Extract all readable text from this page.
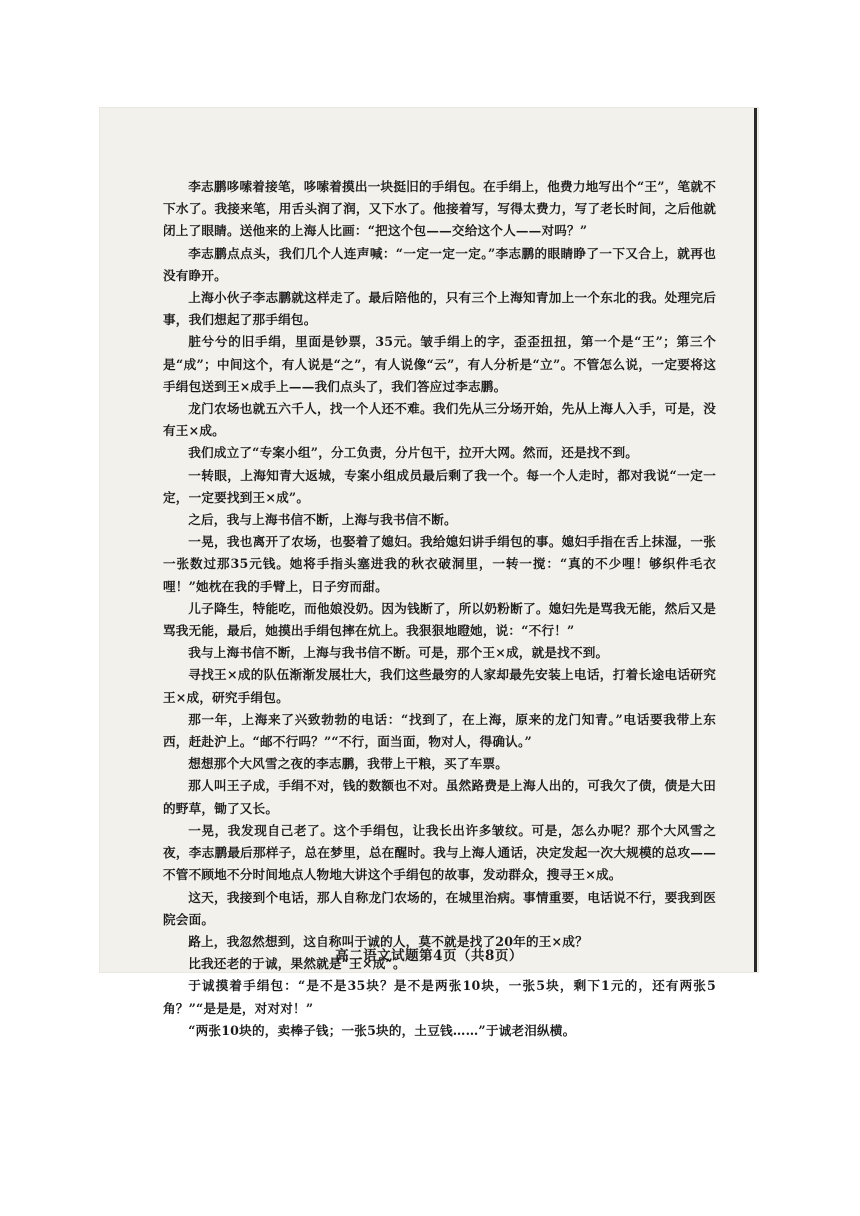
李志鹏哆嗦着接笔，哆嗦着摸出一块挺旧的手绢包。在手绢上，他费力地写出个“王”，笔就不下水了。我接来笔，用舌头润了润，又下水了。他接着写，写得太费力，写了老长时间，之后他就闭上了眼睛。送他来的上海人比画：“把这个包——交给这个人——对吗？”

李志鹏点点头，我们几个人连声喊：“一定一定一定。”李志鹏的眼睛睁了一下又合上，就再也没有睁开。

上海小伙子李志鹏就这样走了。最后陪他的，只有三个上海知青加上一个东北的我。处理完后事，我们想起了那手绢包。

脏兮兮的旧手绢，里面是钞票，35元。皱手绢上的字，歪歪扭扭，第一个是“王”；第三个是“成”；中间这个，有人说是“之”，有人说像“云”，有人分析是“立”。不管怎么说，一定要将这手绢包送到王×成手上——我们点头了，我们答应过李志鹏。

龙门农场也就五六千人，找一个人还不难。我们先从三分场开始，先从上海人入手，可是，没有王×成。

我们成立了“专案小组”，分工负责，分片包干，拉开大网。然而，还是找不到。

一转眼，上海知青大返城，专案小组成员最后剩了我一个。每一个人走时，都对我说“一定一定，一定要找到王×成”。

之后，我与上海书信不断，上海与我书信不断。

一晃，我也离开了农场，也娶着了媳妇。我给媳妇讲手绢包的事。媳妇手指在舌上抹湿，一张一张数过那35元钱。她将手指头塞进我的秋衣破洞里，一转一搅：“真的不少哩！够织件毛衣哩！”她枕在我的手臂上，日子穷而甜。

儿子降生，特能吃，而他娘没奶。因为钱断了，所以奶粉断了。媳妇先是骂我无能，然后又是骂我无能，最后，她摸出手绢包摔在炕上。我狠狠地瞪她，说：“不行！”

我与上海书信不断，上海与我书信不断。可是，那个王×成，就是找不到。

寻找王×成的队伍渐渐发展壮大，我们这些最穷的人家却最先安装上电话，打着长途电话研究王×成，研究手绢包。

那一年，上海来了兴致勃勃的电话：“找到了，在上海，原来的龙门知青。”电话要我带上东西，赶赴沪上。“邮不行吗？”“不行，面当面，物对人，得确认。”

想想那个大风雪之夜的李志鹏，我带上干粮，买了车票。

那人叫王子成，手绢不对，钱的数额也不对。虽然路费是上海人出的，可我欠了债，债是大田的野草，锄了又长。

一晃，我发现自己老了。这个手绢包，让我长出许多皱纹。可是，怎么办呢？那个大风雪之夜，李志鹏最后那样子，总在梦里，总在醒时。我与上海人通话，决定发起一次大规模的总攻——不管不顾地不分时间地点人物地大讲这个手绢包的故事，发动群众，搜寻王×成。

这天，我接到个电话，那人自称龙门农场的，在城里治病。事情重要，电话说不行，要我到医院会面。

路上，我忽然想到，这自称叫于诚的人，莫不就是找了20年的王×成？

比我还老的于诚，果然就是“王×成”。

于诚摸着手绢包：“是不是35块？是不是两张10块，一张5块，剩下1元的，还有两张5角？”“是是是，对对对！”

“两张10块的，卖棒子钱；一张5块的，土豆钱……”于诚老泪纵横。

高二语文试题第4页（共8页）
